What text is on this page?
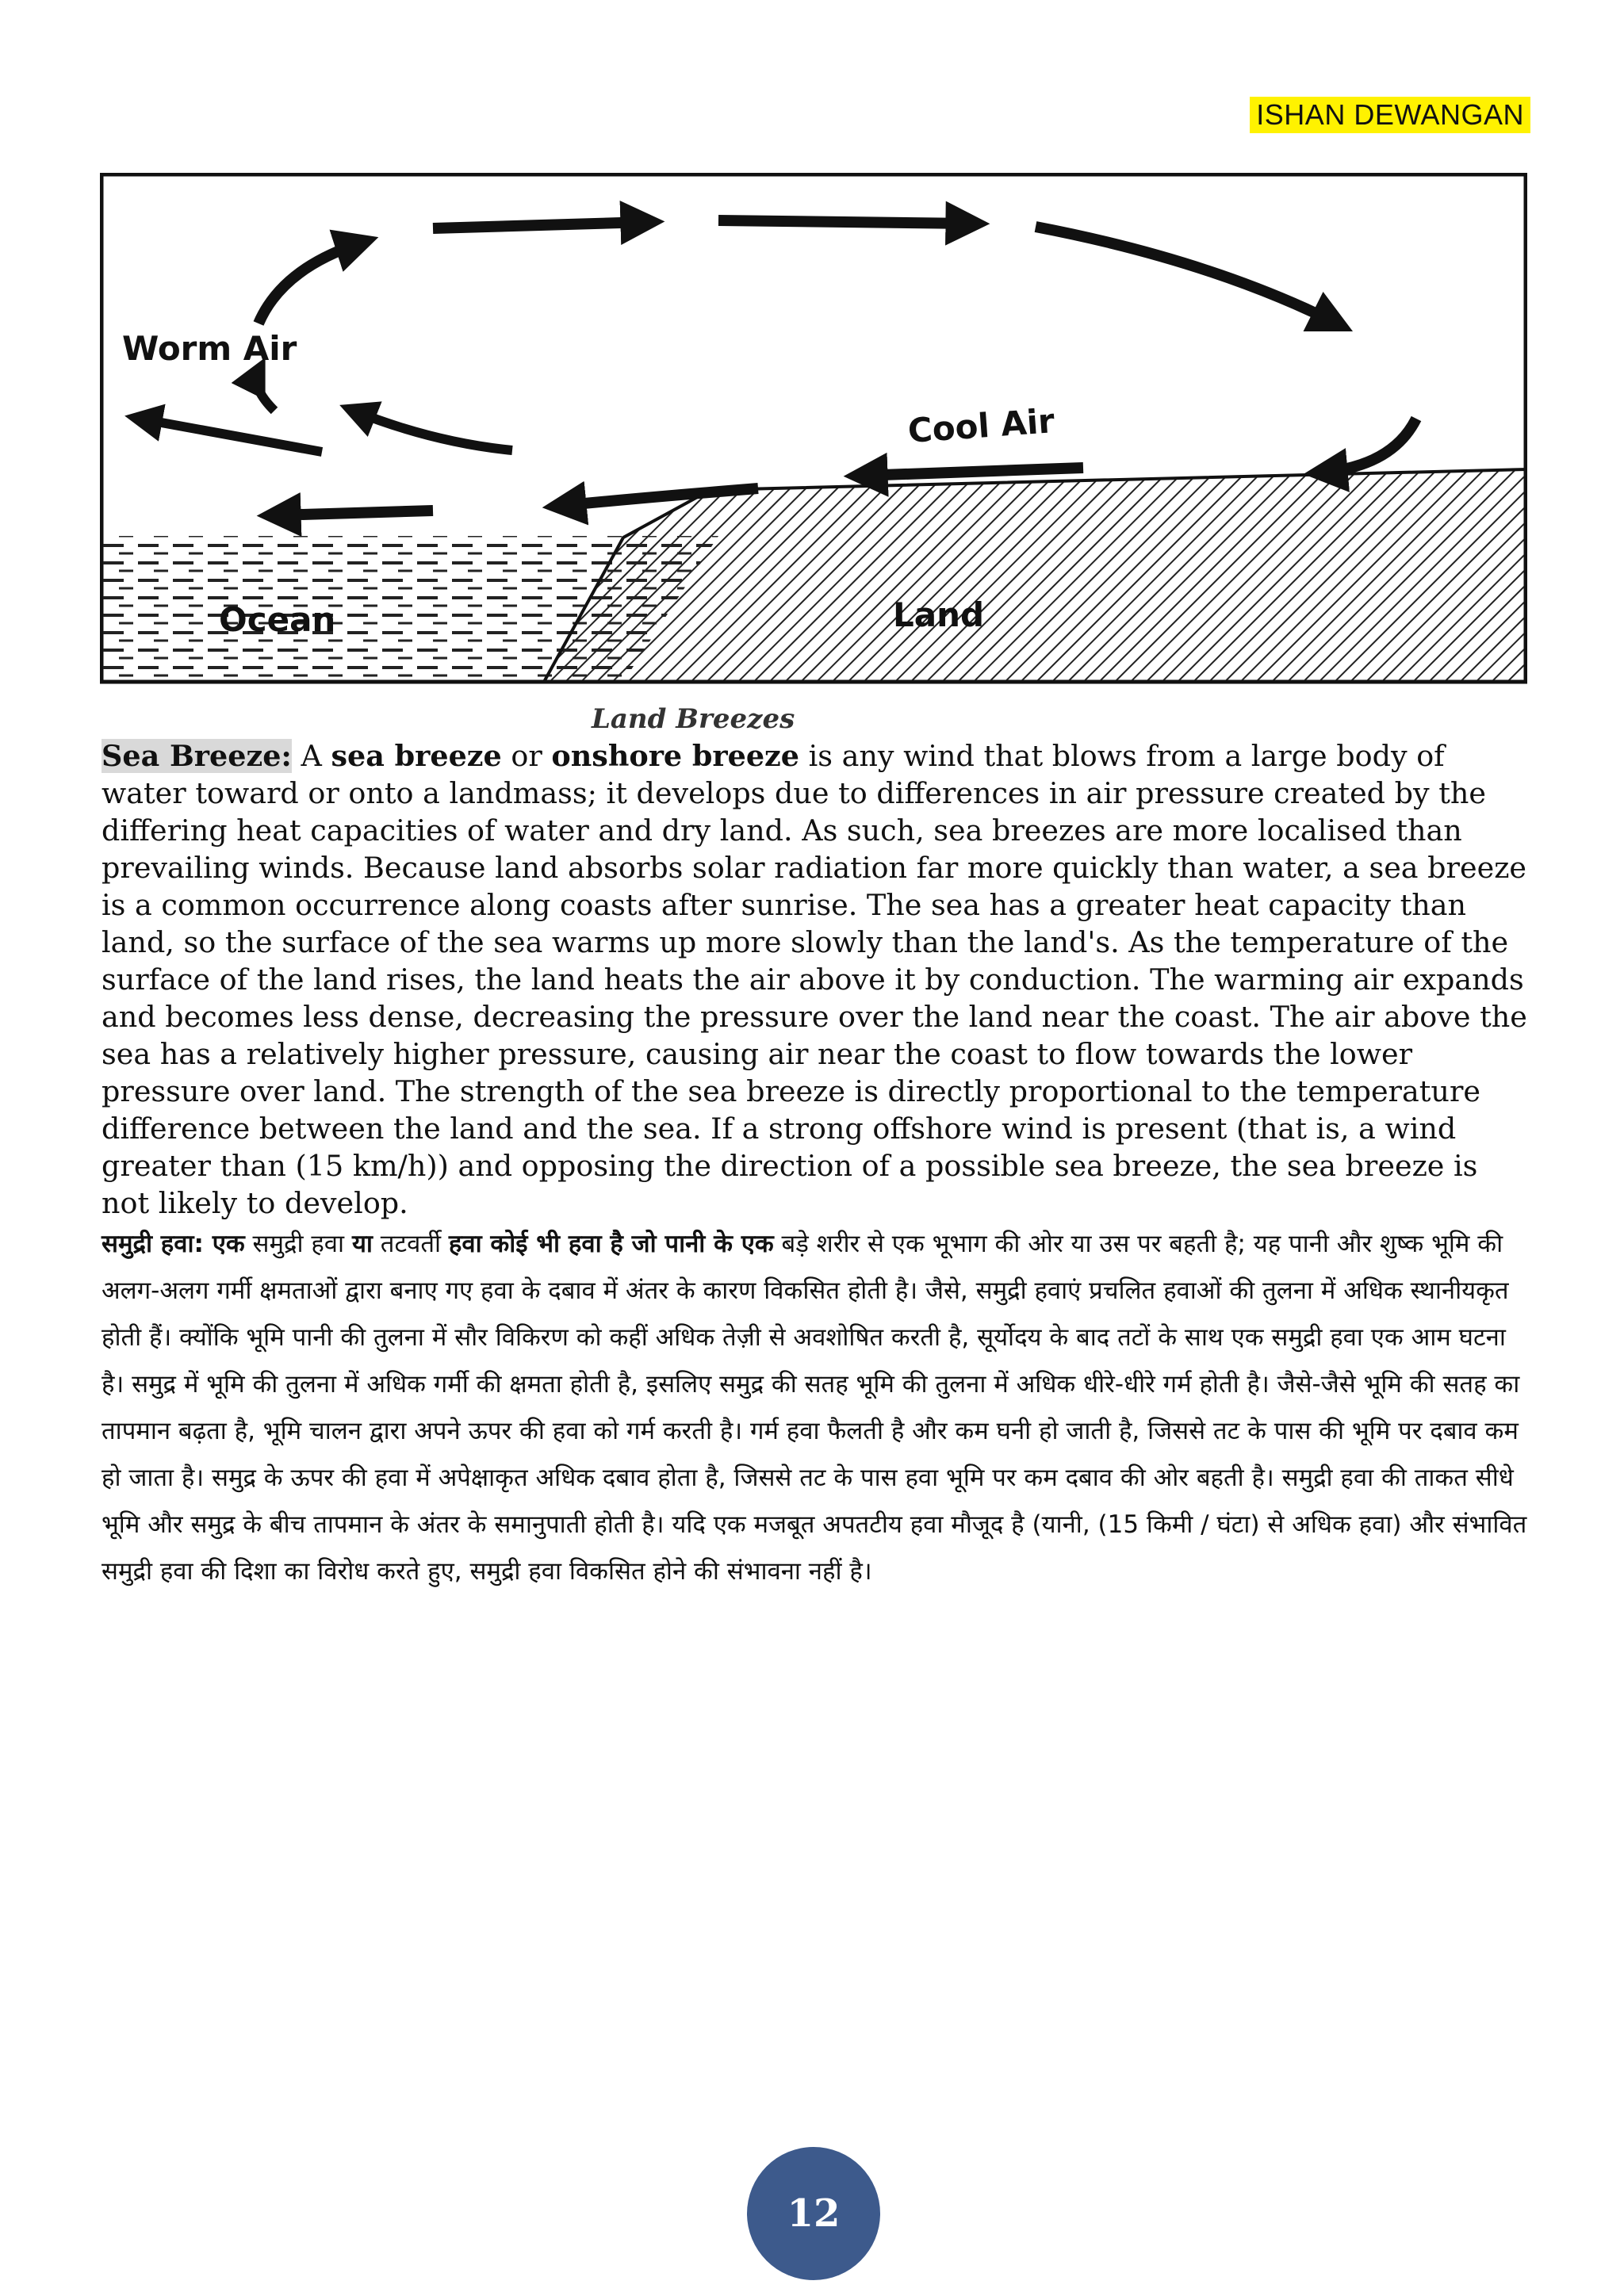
ISHAN DEWANGAN
Worm Air
Cool Air
Ocean	Land
Land Breezes

Sea Breeze: A sea breeze or onshore breeze is any wind that blows from a large body of water toward or onto a landmass; it develops due to differences in air pressure created by the differing heat capacities of water and dry land. As such, sea breezes are more localised than prevailing winds. Because land absorbs solar radiation far more quickly than water, a sea breeze is a common occurrence along coasts after sunrise. The sea has a greater heat capacity than land, so the surface of the sea warms up more slowly than the land's. As the temperature of the surface of the land rises, the land heats the air above it by conduction. The warming air expands and becomes less dense, decreasing the pressure over the land near the coast. The air above the sea has a relatively higher pressure, causing air near the coast to flow towards the lower pressure over land. The strength of the sea breeze is directly proportional to the temperature difference between the land and the sea. If a strong offshore wind is present (that is, a wind greater than (15 km/h)) and opposing the direction of a possible sea breeze, the sea breeze is not likely to develop.

समुद्री हवा: एक समुद्री हवा या तटवर्ती हवा कोई भी हवा है जो पानी के एक बड़े शरीर से एक भूभाग की ओर या उस पर बहती है; यह पानी और शुष्क भूमि की अलग-अलग गर्मी क्षमताओं द्वारा बनाए गए हवा के दबाव में अंतर के कारण विकसित होती है। जैसे, समुद्री हवाएं प्रचलित हवाओं की तुलना में अधिक स्थानीयकृत होती हैं। क्योंकि भूमि पानी की तुलना में सौर विकिरण को कहीं अधिक तेज़ी से अवशोषित करती है, सूर्योदय के बाद तटों के साथ एक समुद्री हवा एक आम घटना है। समुद्र में भूमि की तुलना में अधिक गर्मी की क्षमता होती है, इसलिए समुद्र की सतह भूमि की तुलना में अधिक धीरे-धीरे गर्म होती है। जैसे-जैसे भूमि की सतह का तापमान बढ़ता है, भूमि चालन द्वारा अपने ऊपर की हवा को गर्म करती है। गर्म हवा फैलती है और कम घनी हो जाती है, जिससे तट के पास की भूमि पर दबाव कम हो जाता है। समुद्र के ऊपर की हवा में अपेक्षाकृत अधिक दबाव होता है, जिससे तट के पास हवा भूमि पर कम दबाव की ओर बहती है। समुद्री हवा की ताकत सीधे भूमि और समुद्र के बीच तापमान के अंतर के समानुपाती होती है। यदि एक मजबूत अपतटीय हवा मौजूद है (यानी, (15 किमी / घंटा) से अधिक हवा) और संभावित समुद्री हवा की दिशा का विरोध करते हुए, समुद्री हवा विकसित होने की संभावना नहीं है।

12
